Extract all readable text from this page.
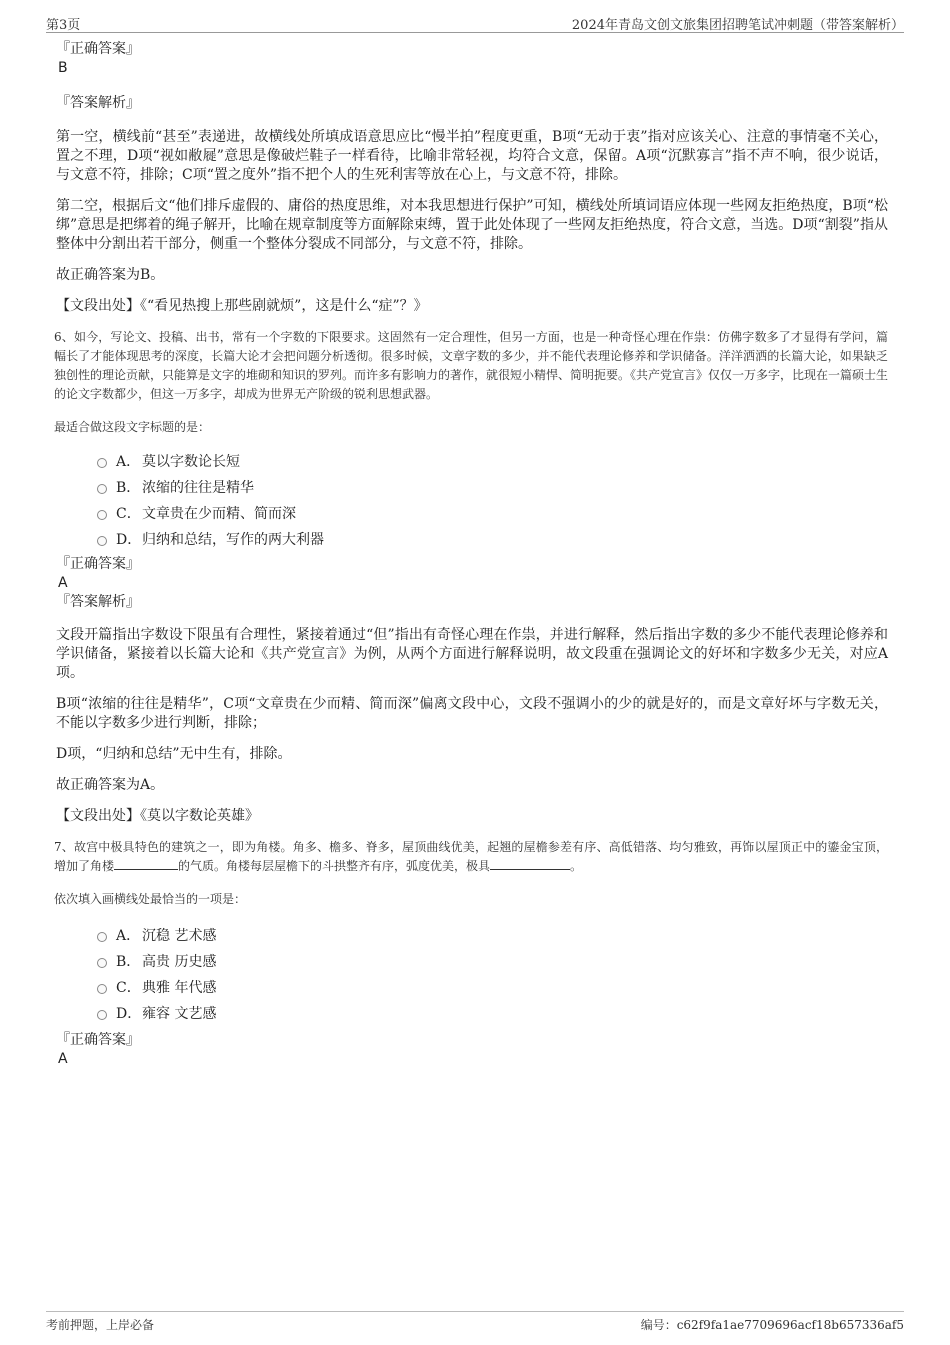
第3页	2024年青岛文创文旅集团招聘笔试冲刺题（带答案解析）

『正确答案』

B

『答案解析』

第一空，横线前“甚至”表递进，故横线处所填成语意思应比“慢半拍”程度更重，B项“无动于衷”指对应该关心、注意的事情毫不关心，置之不理，D项“视如敝屣”意思是像破烂鞋子一样看待，比喻非常轻视，均符合文意，保留。A项“沉默寡言”指不声不响，很少说话，与文意不符，排除；C项“置之度外”指不把个人的生死利害等放在心上，与文意不符，排除。

第二空，根据后文“他们排斥虚假的、庸俗的热度思维，对本我思想进行保护”可知，横线处所填词语应体现一些网友拒绝热度，B项“松绑”意思是把绑着的绳子解开，比喻在规章制度等方面解除束缚，置于此处体现了一些网友拒绝热度，符合文意，当选。D项“割裂”指从整体中分割出若干部分，侧重一个整体分裂成不同部分，与文意不符，排除。

故正确答案为B。

【文段出处】《“看见热搜上那些剧就烦”，这是什么“症”？》

6、如今，写论文、投稿、出书，常有一个字数的下限要求。这固然有一定合理性，但另一方面，也是一种奇怪心理在作祟：仿佛字数多了才显得有学问，篇幅长了才能体现思考的深度，长篇大论才会把问题分析透彻。很多时候，文章字数的多少，并不能代表理论修养和学识储备。洋洋洒洒的长篇大论，如果缺乏独创性的理论贡献，只能算是文字的堆砌和知识的罗列。而许多有影响力的著作，就很短小精悍、简明扼要。《共产党宣言》仅仅一万多字，比现在一篇硕士生的论文字数都少，但这一万多字，却成为世界无产阶级的锐利思想武器。

最适合做这段文字标题的是：

A． 莫以字数论长短
B． 浓缩的往往是精华
C．文章贵在少而精、简而深
D．归纳和总结，写作的两大利器

『正确答案』

A

『答案解析』

文段开篇指出字数设下限虽有合理性，紧接着通过“但”指出有奇怪心理在作祟，并进行解释，然后指出字数的多少不能代表理论修养和学识储备，紧接着以长篇大论和《共产党宣言》为例，从两个方面进行解释说明，故文段重在强调论文的好坏和字数多少无关，对应A项。

B项“浓缩的往往是精华”，C项“文章贵在少而精、简而深”偏离文段中心，文段不强调小的少的就是好的，而是文章好坏与字数无关，不能以字数多少进行判断，排除；

D项，“归纳和总结”无中生有，排除。

故正确答案为A。

【文段出处】《莫以字数论英雄》

7、故宫中极具特色的建筑之一，即为角楼。角多、檐多、脊多，屋顶曲线优美，起翘的屋檐参差有序、高低错落、均匀雅致，再饰以屋顶正中的鎏金宝顶，增加了角楼	的气质。角楼每层屋檐下的斗拱整齐有序，弧度优美，极具	。

依次填入画横线处最恰当的一项是：

A． 沉稳 艺术感
B． 高贵 历史感
C．典雅 年代感
D．雍容 文艺感

『正确答案』

A

考前押题，上岸必备	编号：c62f9fa1ae7709696acf18b657336af5
